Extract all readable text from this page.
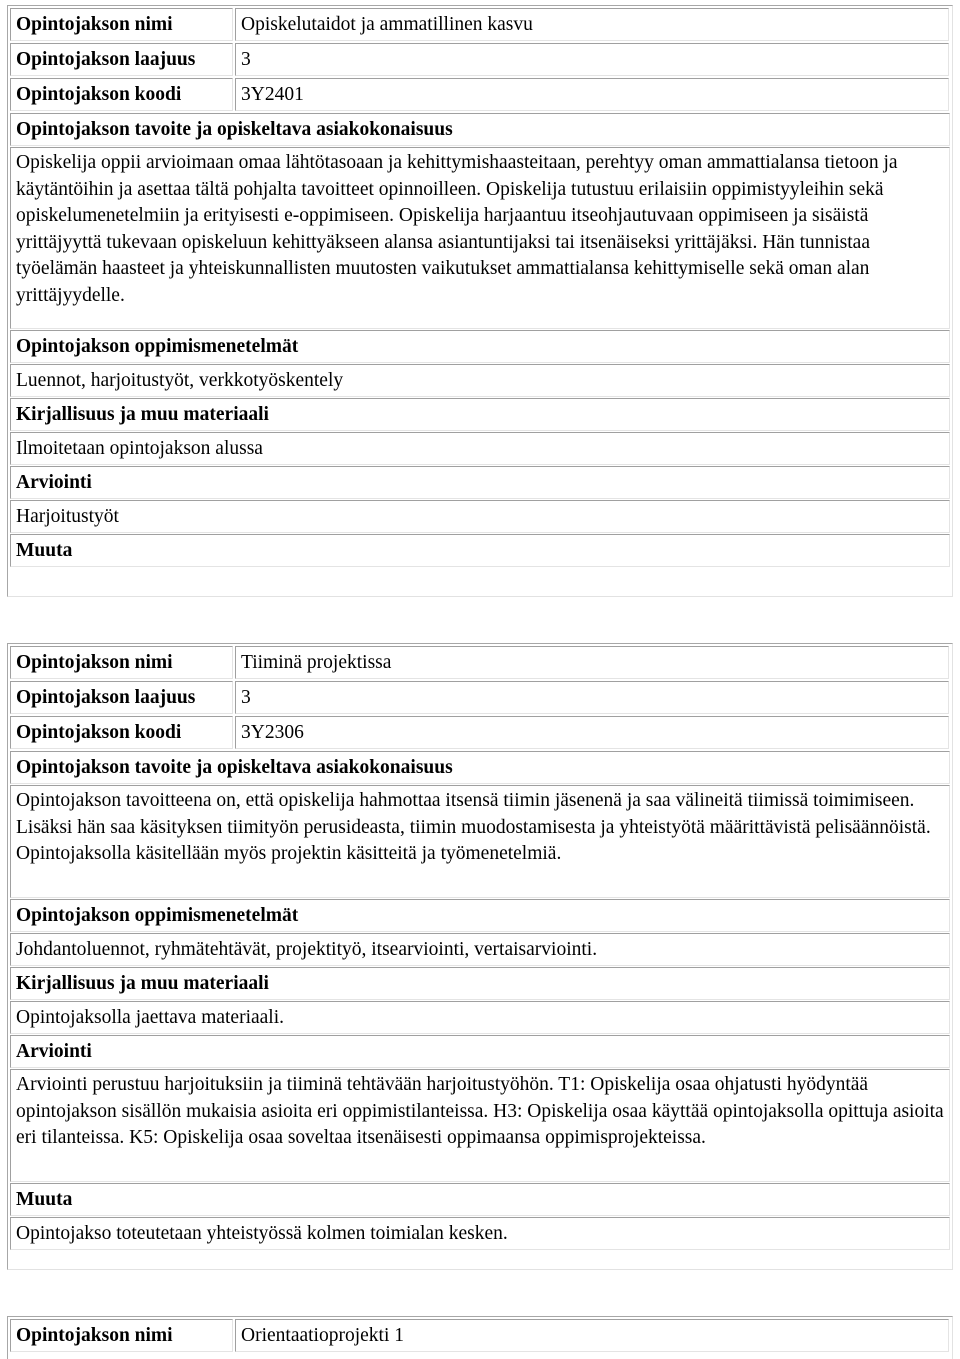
Opintojakson nimi	Opiskelutaidot ja ammatillinen kasvu
Opintojakson laajuus	3
Opintojakson koodi	3Y2401
Opintojakson tavoite ja opiskeltava asiakokonaisuus
Opiskelija oppii arvioimaan omaa lähtötasoaan ja kehittymishaasteitaan, perehtyy oman ammattialansa tietoon ja käytäntöihin ja asettaa tältä pohjalta tavoitteet opinnoilleen. Opiskelija tutustuu erilaisiin oppimistyyleihin sekä opiskelumenetelmiin ja erityisesti e-oppimiseen. Opiskelija harjaantuu itseohjautuvaan oppimiseen ja sisäistä yrittäjyyttä tukevaan opiskeluun kehittyäkseen alansa asiantuntijaksi tai itsenäiseksi yrittäjäksi. Hän tunnistaa työelämän haasteet ja yhteiskunnallisten muutosten vaikutukset ammattialansa kehittymiselle sekä oman alan yrittäjyydelle.
Opintojakson oppimismenetelmät
Luennot, harjoitustyöt, verkkotyöskentely
Kirjallisuus ja muu materiaali
Ilmoitetaan opintojakson alussa
Arviointi
Harjoitustyöt
Muuta
Opintojakson nimi	Tiiminä projektissa
Opintojakson laajuus	3
Opintojakson koodi	3Y2306
Opintojakson tavoite ja opiskeltava asiakokonaisuus
Opintojakson tavoitteena on, että opiskelija hahmottaa itsensä tiimin jäsenenä ja saa välineitä tiimissä toimimiseen. Lisäksi hän saa käsityksen tiimityön perusideasta, tiimin muodostamisesta ja yhteistyötä määrittävistä pelisäännöistä. Opintojaksolla käsitellään myös projektin käsitteitä ja työmenetelmiä.
Opintojakson oppimismenetelmät
Johdantoluennot, ryhmätehtävät, projektityö, itsearviointi, vertaisarviointi.
Kirjallisuus ja muu materiaali
Opintojaksolla jaettava materiaali.
Arviointi
Arviointi perustuu harjoituksiin ja tiiminä tehtävään harjoitustyöhön. T1: Opiskelija osaa ohjatusti hyödyntää opintojakson sisällön mukaisia asioita eri oppimistilanteissa. H3: Opiskelija osaa käyttää opintojaksolla opittuja asioita eri tilanteissa. K5: Opiskelija osaa soveltaa itsenäisesti oppimaansa oppimisprojekteissa.
Muuta
Opintojakso toteutetaan yhteistyössä kolmen toimialan kesken.
Opintojakson nimi	Orientaatioprojekti 1
